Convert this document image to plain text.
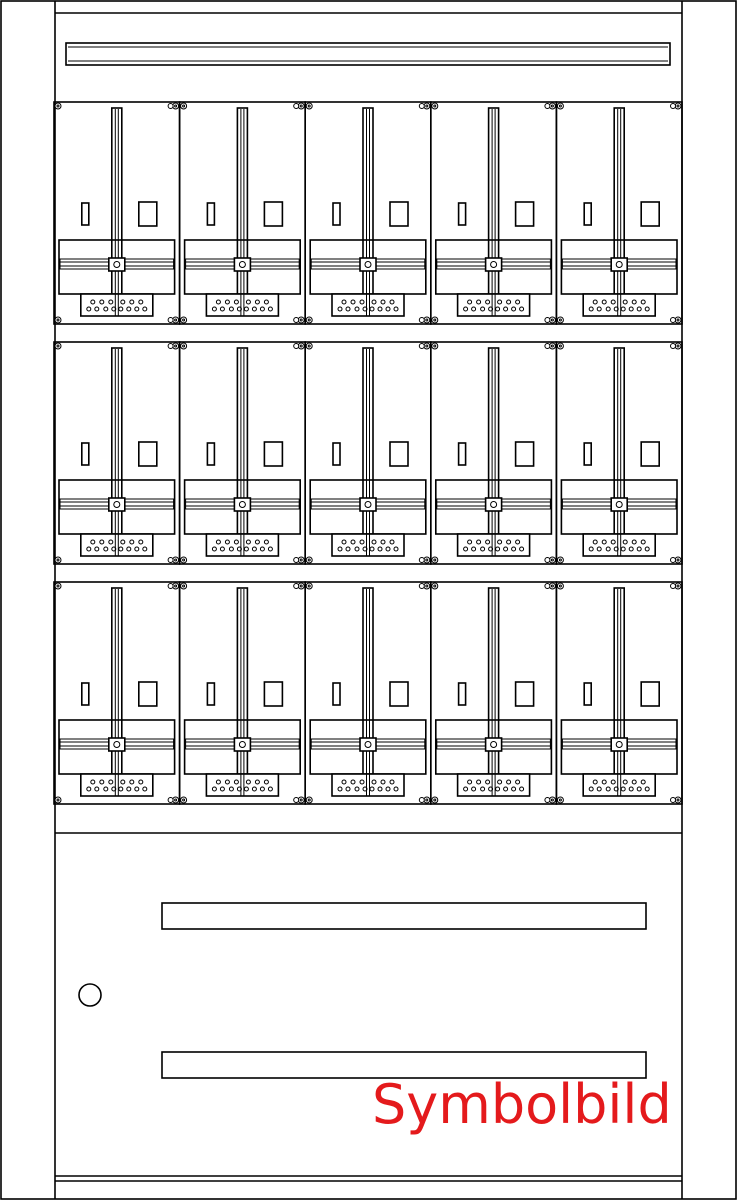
Symbolbild
